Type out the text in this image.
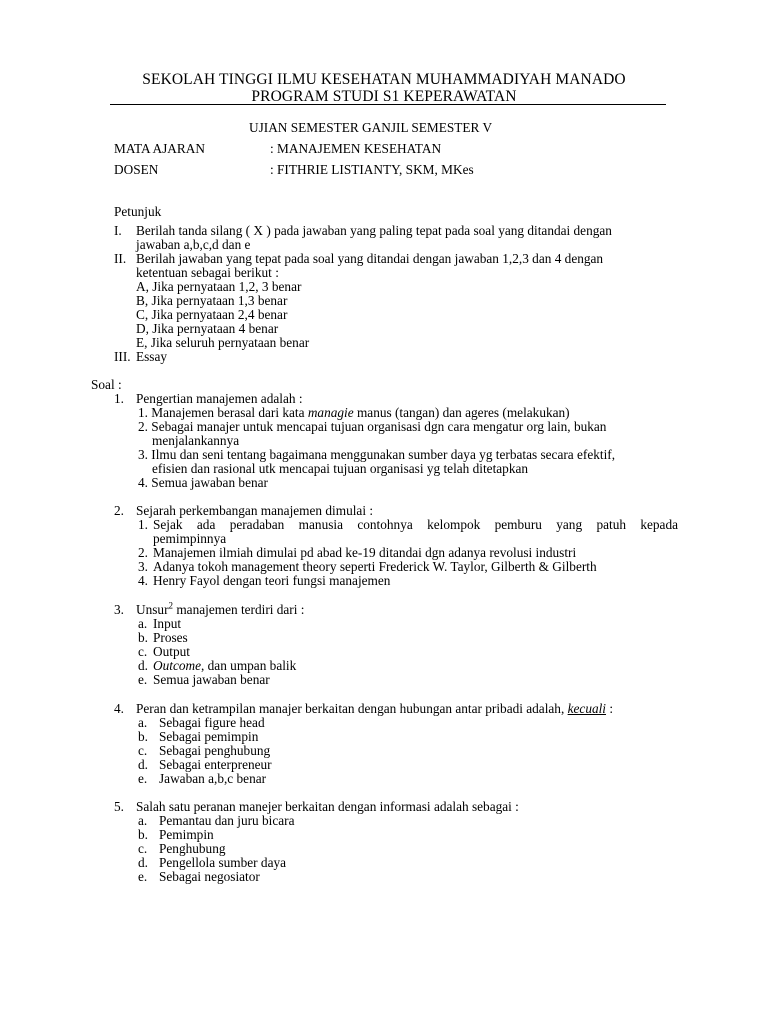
SEKOLAH TINGGI ILMU KESEHATAN MUHAMMADIYAH MANADO
PROGRAM STUDI S1 KEPERAWATAN
UJIAN SEMESTER GANJIL SEMESTER V
MATA AJARAN	: MANAJEMEN KESEHATAN
DOSEN	: FITHRIE LISTIANTY, SKM, MKes
Petunjuk
I. Berilah tanda silang ( X ) pada jawaban yang paling tepat pada soal yang ditandai dengan
jawaban a,b,c,d dan e
II. Berilah jawaban yang tepat pada soal yang ditandai dengan jawaban 1,2,3 dan 4 dengan
ketentuan sebagai berikut :
A, Jika pernyataan 1,2, 3 benar
B, Jika pernyataan 1,3 benar
C, Jika pernyataan 2,4 benar
D, Jika pernyataan 4 benar
E, Jika seluruh pernyataan benar
III. Essay
Soal :
1. Pengertian manajemen adalah :
1. Manajemen berasal dari kata managie manus (tangan) dan ageres (melakukan)
2. Sebagai manajer untuk mencapai tujuan organisasi dgn cara mengatur org lain, bukan
menjalankannya
3. Ilmu dan seni tentang bagaimana menggunakan sumber daya yg terbatas secara efektif,
efisien dan rasional utk mencapai tujuan organisasi yg telah ditetapkan
4. Semua jawaban benar
2. Sejarah perkembangan manajemen dimulai :
1. Sejak ada peradaban manusia contohnya kelompok pemburu yang patuh kepada
pemimpinnya
2. Manajemen ilmiah dimulai pd abad ke-19 ditandai dgn adanya revolusi industri
3. Adanya tokoh management theory seperti Frederick W. Taylor, Gilberth & Gilberth
4. Henry Fayol dengan teori fungsi manajemen
3. Unsur$^2$ manajemen terdiri dari :
a. Input
b. Proses
c. Output
d. Outcome, dan umpan balik
e. Semua jawaban benar
4. Peran dan ketrampilan manajer berkaitan dengan hubungan antar pribadi adalah, kecuali :
a. Sebagai figure head
b. Sebagai pemimpin
c. Sebagai penghubung
d. Sebagai enterpreneur
e. Jawaban a,b,c benar
5. Salah satu peranan manejer berkaitan dengan informasi adalah sebagai :
a. Pemantau dan juru bicara
b. Pemimpin
c. Penghubung
d. Pengellola sumber daya
e. Sebagai negosiator
